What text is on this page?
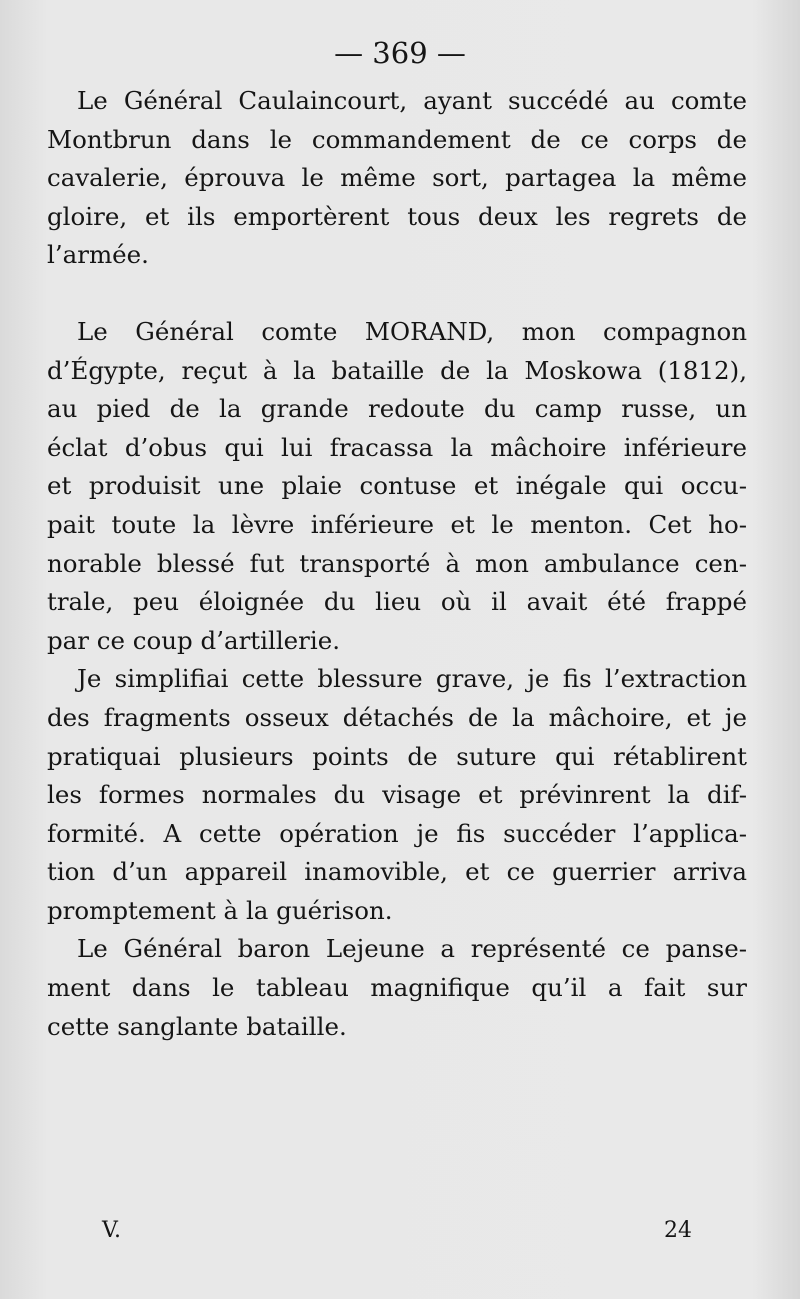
— 369 —
Le Général Caulaincourt, ayant succédé au comte
Montbrun dans le commandement de ce corps de
cavalerie, éprouva le même sort, partagea la même
gloire, et ils emportèrent tous deux les regrets de
l’armée.
Le Général comte MORAND, mon compagnon
d’Égypte, reçut à la bataille de la Moskowa (1812),
au pied de la grande redoute du camp russe, un
éclat d’obus qui lui fracassa la mâchoire inférieure
et produisit une plaie contuse et inégale qui occu-
pait toute la lèvre inférieure et le menton. Cet ho-
norable blessé fut transporté à mon ambulance cen-
trale, peu éloignée du lieu où il avait été frappé
par ce coup d’artillerie.
Je simplifiai cette blessure grave, je fis l’extraction
des fragments osseux détachés de la mâchoire, et je
pratiquai plusieurs points de suture qui rétablirent
les formes normales du visage et prévinrent la dif-
formité. A cette opération je fis succéder l’applica-
tion d’un appareil inamovible, et ce guerrier arriva
promptement à la guérison.
Le Général baron Lejeune a représenté ce panse-
ment dans le tableau magnifique qu’il a fait sur
cette sanglante bataille.
V.	24
